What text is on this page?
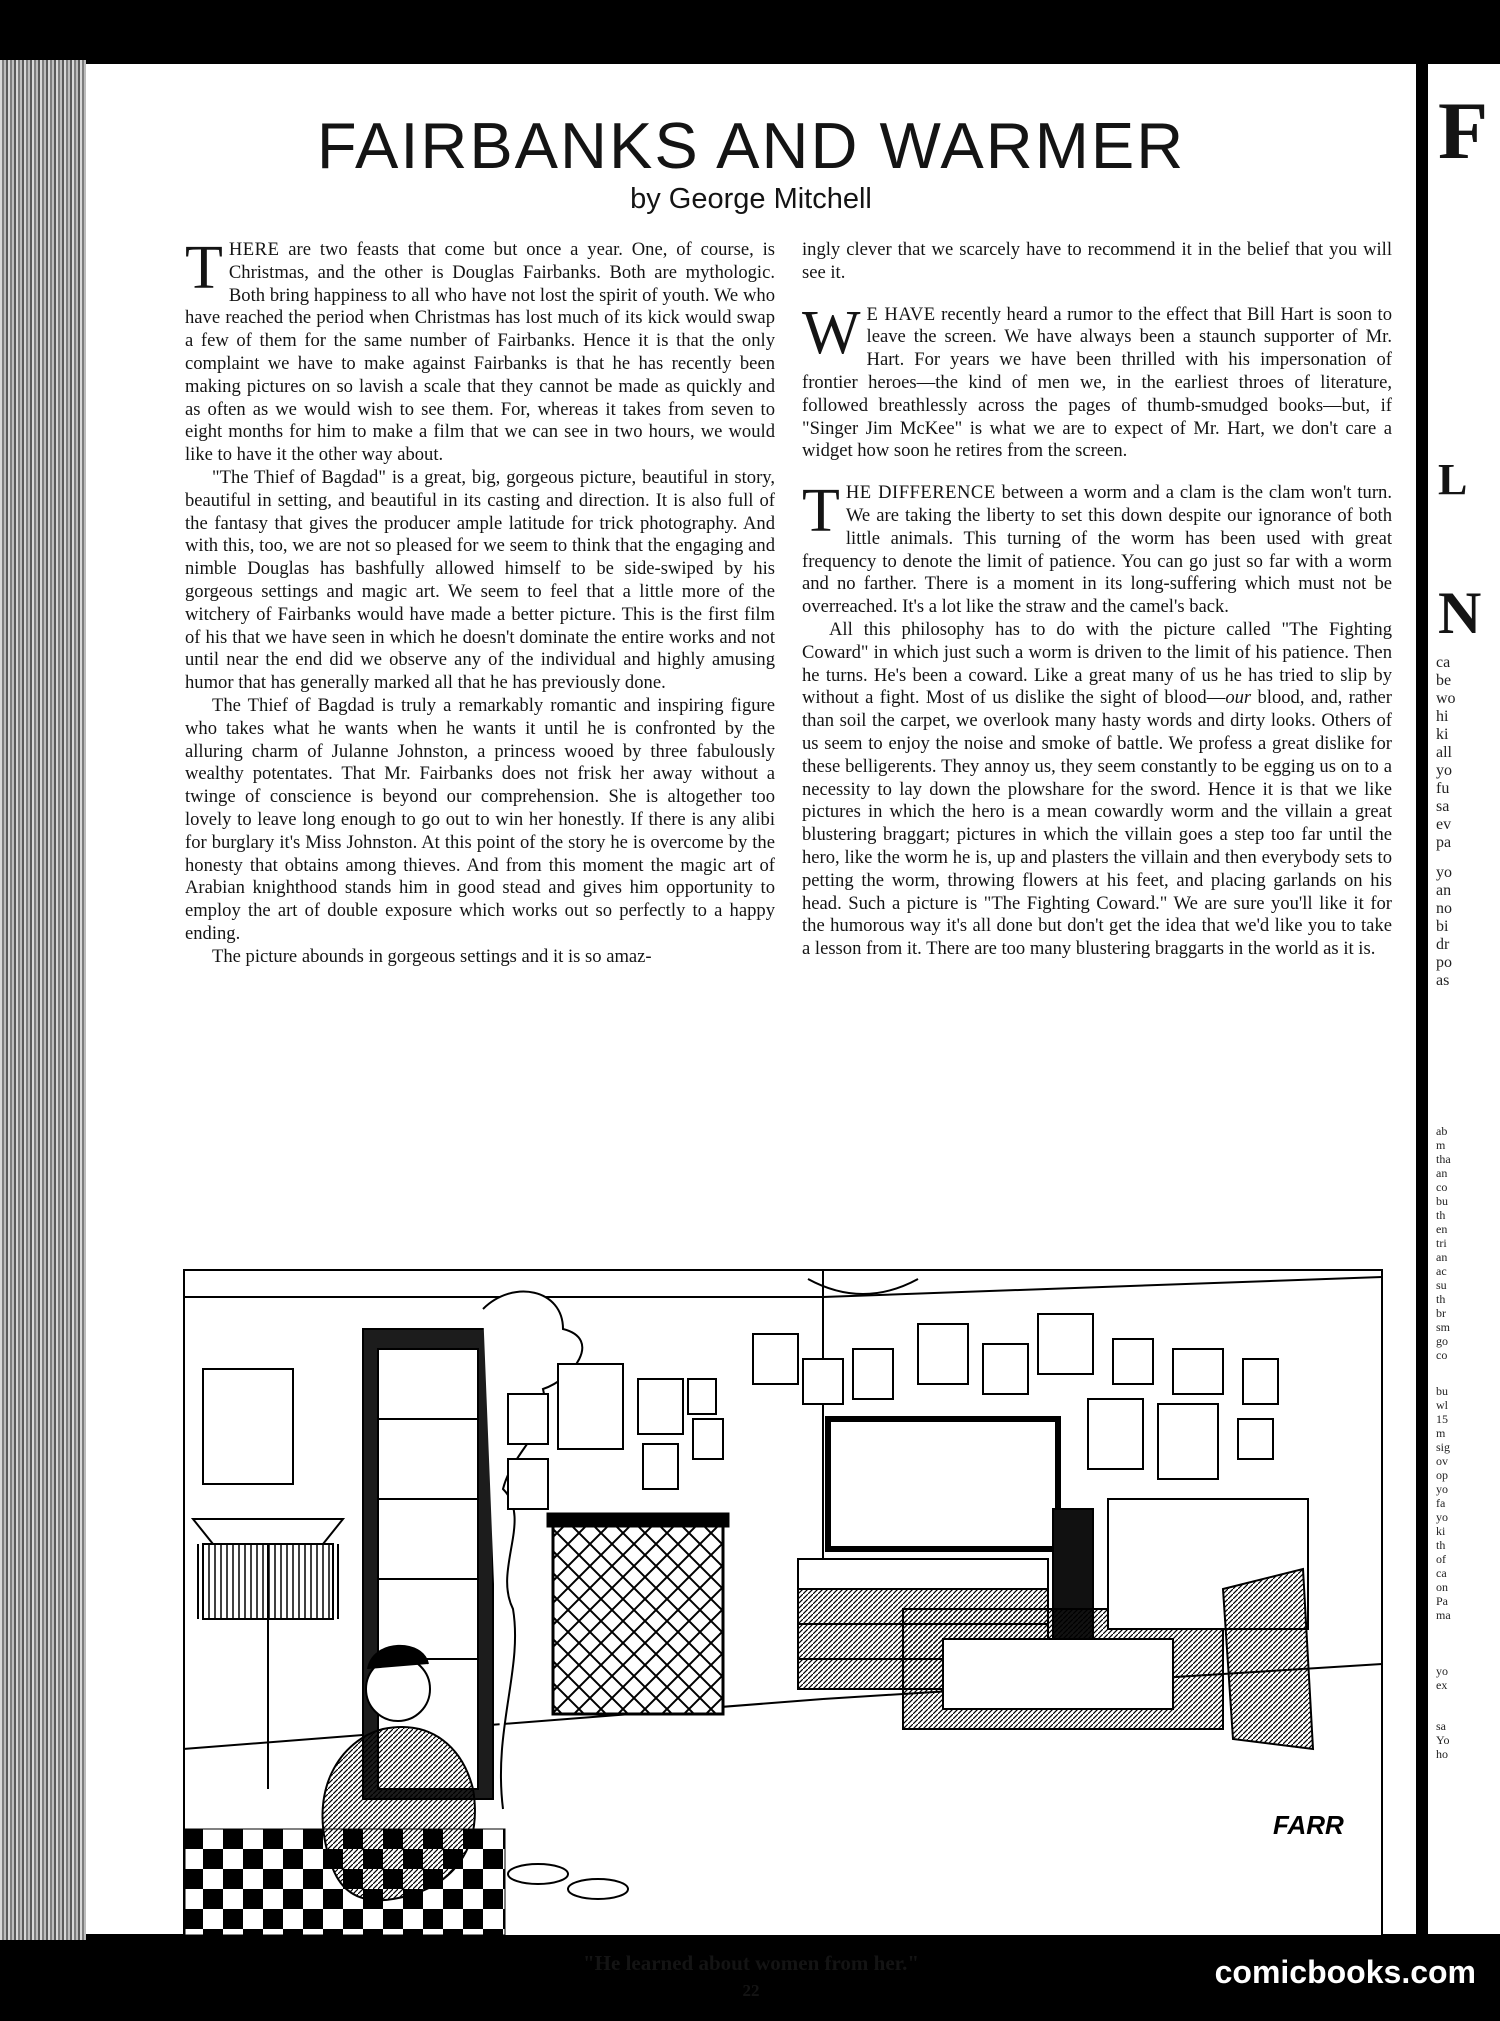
FAIRBANKS AND WARMER
by George Mitchell

THERE are two feasts that come but once a year. One, of course, is Christmas, and the other is Douglas Fairbanks. Both are mythologic. Both bring happiness to all who have not lost the spirit of youth. We who have reached the period when Christmas has lost much of its kick would swap a few of them for the same number of Fairbanks. Hence it is that the only complaint we have to make against Fairbanks is that he has recently been making pictures on so lavish a scale that they cannot be made as quickly and as often as we would wish to see them. For, whereas it takes from seven to eight months for him to make a film that we can see in two hours, we would like to have it the other way about.

"The Thief of Bagdad" is a great, big, gorgeous picture, beautiful in story, beautiful in setting, and beautiful in its casting and direction. It is also full of the fantasy that gives the producer ample latitude for trick photography. And with this, too, we are not so pleased for we seem to think that the engaging and nimble Douglas has bashfully allowed himself to be side-swiped by his gorgeous settings and magic art. We seem to feel that a little more of the witchery of Fairbanks would have made a better picture. This is the first film of his that we have seen in which he doesn't dominate the entire works and not until near the end did we observe any of the individual and highly amusing humor that has generally marked all that he has previously done.

The Thief of Bagdad is truly a remarkably romantic and inspiring figure who takes what he wants when he wants it until he is confronted by the alluring charm of Julanne Johnston, a princess wooed by three fabulously wealthy potentates. That Mr. Fairbanks does not frisk her away without a twinge of conscience is beyond our comprehension. She is altogether too lovely to leave long enough to go out to win her honestly. If there is any alibi for burglary it's Miss Johnston. At this point of the story he is overcome by the honesty that obtains among thieves. And from this moment the magic art of Arabian knighthood stands him in good stead and gives him opportunity to employ the art of double exposure which works out so perfectly to a happy ending.

The picture abounds in gorgeous settings and it is so amaz-

ingly clever that we scarcely have to recommend it in the belief that you will see it.

W E HAVE recently heard a rumor to the effect that Bill Hart is soon to leave the screen. We have always been a staunch supporter of Mr. Hart. For years we have been thrilled with his impersonation of frontier heroes—the kind of men we, in the earliest throes of literature, followed breathlessly across the pages of thumb-smudged books—but, if "Singer Jim McKee" is what we are to expect of Mr. Hart, we don't care a widget how soon he retires from the screen.

THE DIFFERENCE between a worm and a clam is the clam won't turn. We are taking the liberty to set this down despite our ignorance of both little animals. This turning of the worm has been used with great frequency to denote the limit of patience. You can go just so far with a worm and no farther. There is a moment in its long-suffering which must not be overreached. It's a lot like the straw and the camel's back.

All this philosophy has to do with the picture called "The Fighting Coward" in which just such a worm is driven to the limit of his patience. Then he turns. He's been a coward. Like a great many of us he has tried to slip by without a fight. Most of us dislike the sight of blood—our blood, and, rather than soil the carpet, we overlook many hasty words and dirty looks. Others of us seem to enjoy the noise and smoke of battle. We profess a great dislike for these belligerents. They annoy us, they seem constantly to be egging us on to a necessity to lay down the plowshare for the sword. Hence it is that we like pictures in which the hero is a mean cowardly worm and the villain a great blustering braggart; pictures in which the villain goes a step too far until the hero, like the worm he is, up and plasters the villain and then everybody sets to petting the worm, throwing flowers at his feet, and placing garlands on his head. Such a picture is "The Fighting Coward." We are sure you'll like it for the humorous way it's all done but don't get the idea that we'd like you to take a lesson from it. There are too many blustering braggarts in the world as it is.

FARR
"He learned about women from her."
22
F
L
N
ca
be
wo
hi
ki
all
yo
fu
sa
ev
pa
yo
an
no
bi
dr
po
as
ab
m
tha
an
co
bu
th
en
tri
an
ac
su
th
br
sm
go
co
bu
wl
15
m
sig
ov
op
yo
fa
yo
ki
th
of
ca
on
Pa
ma
yo
ex
sa
Yo
ho
comicbooks.com
